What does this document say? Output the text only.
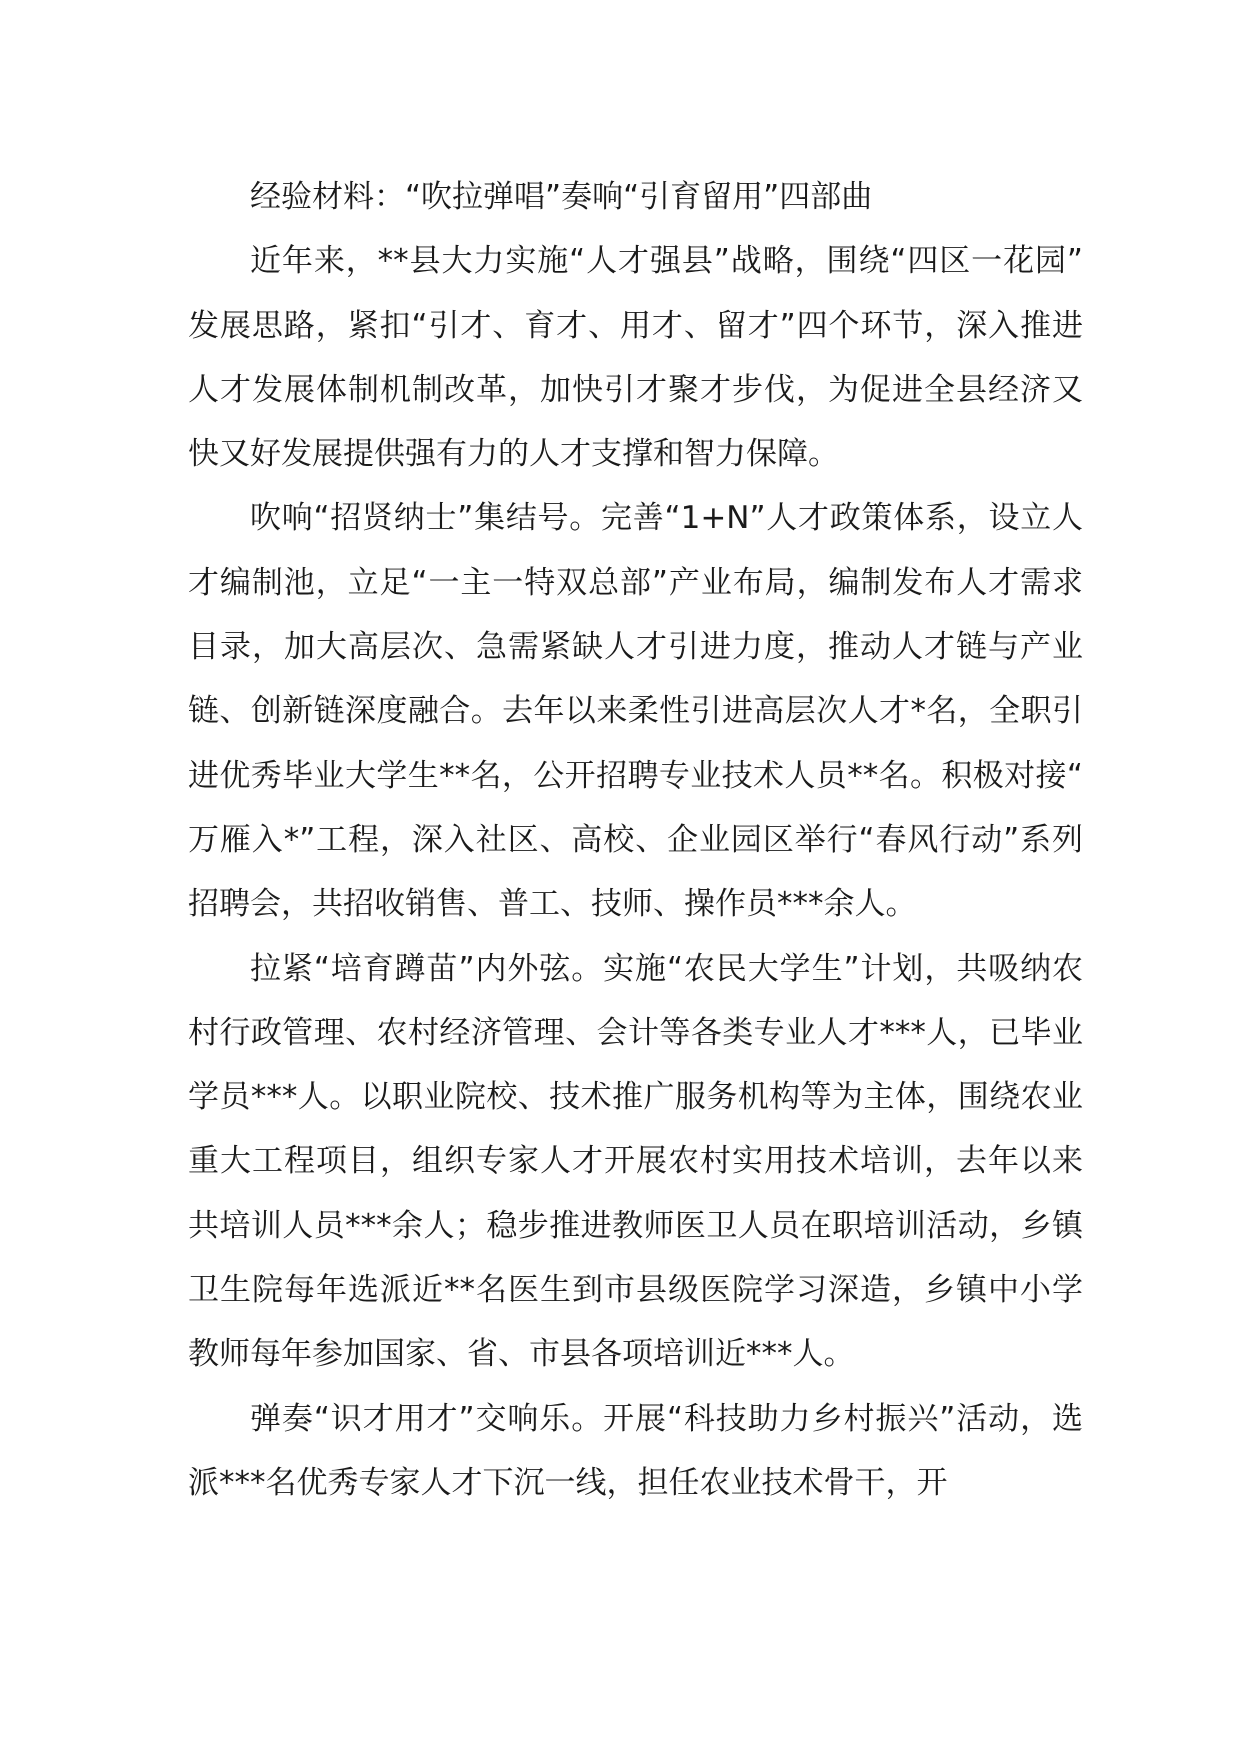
经验材料：“吹拉弹唱”奏响“引育留用”四部曲

近年来，**县大力实施“人才强县”战略，围绕“四区一花园”发展思路，紧扣“引才、育才、用才、留才”四个环节，深入推进人才发展体制机制改革，加快引才聚才步伐，为促进全县经济又快又好发展提供强有力的人才支撑和智力保障。

吹响“招贤纳士”集结号。完善“1+N”人才政策体系，设立人才编制池，立足“一主一特双总部”产业布局，编制发布人才需求目录，加大高层次、急需紧缺人才引进力度，推动人才链与产业链、创新链深度融合。去年以来柔性引进高层次人才*名，全职引进优秀毕业大学生**名，公开招聘专业技术人员**名。积极对接“万雁入*”工程，深入社区、高校、企业园区举行“春风行动”系列招聘会，共招收销售、普工、技师、操作员***余人。

拉紧“培育蹲苗”内外弦。实施“农民大学生”计划，共吸纳农村行政管理、农村经济管理、会计等各类专业人才***人，已毕业学员***人。以职业院校、技术推广服务机构等为主体，围绕农业重大工程项目，组织专家人才开展农村实用技术培训，去年以来共培训人员***余人；稳步推进教师医卫人员在职培训活动，乡镇卫生院每年选派近**名医生到市县级医院学习深造，乡镇中小学教师每年参加国家、省、市县各项培训近***人。

弹奏“识才用才”交响乐。开展“科技助力乡村振兴”活动，选派***名优秀专家人才下沉一线，担任农业技术骨干，开
